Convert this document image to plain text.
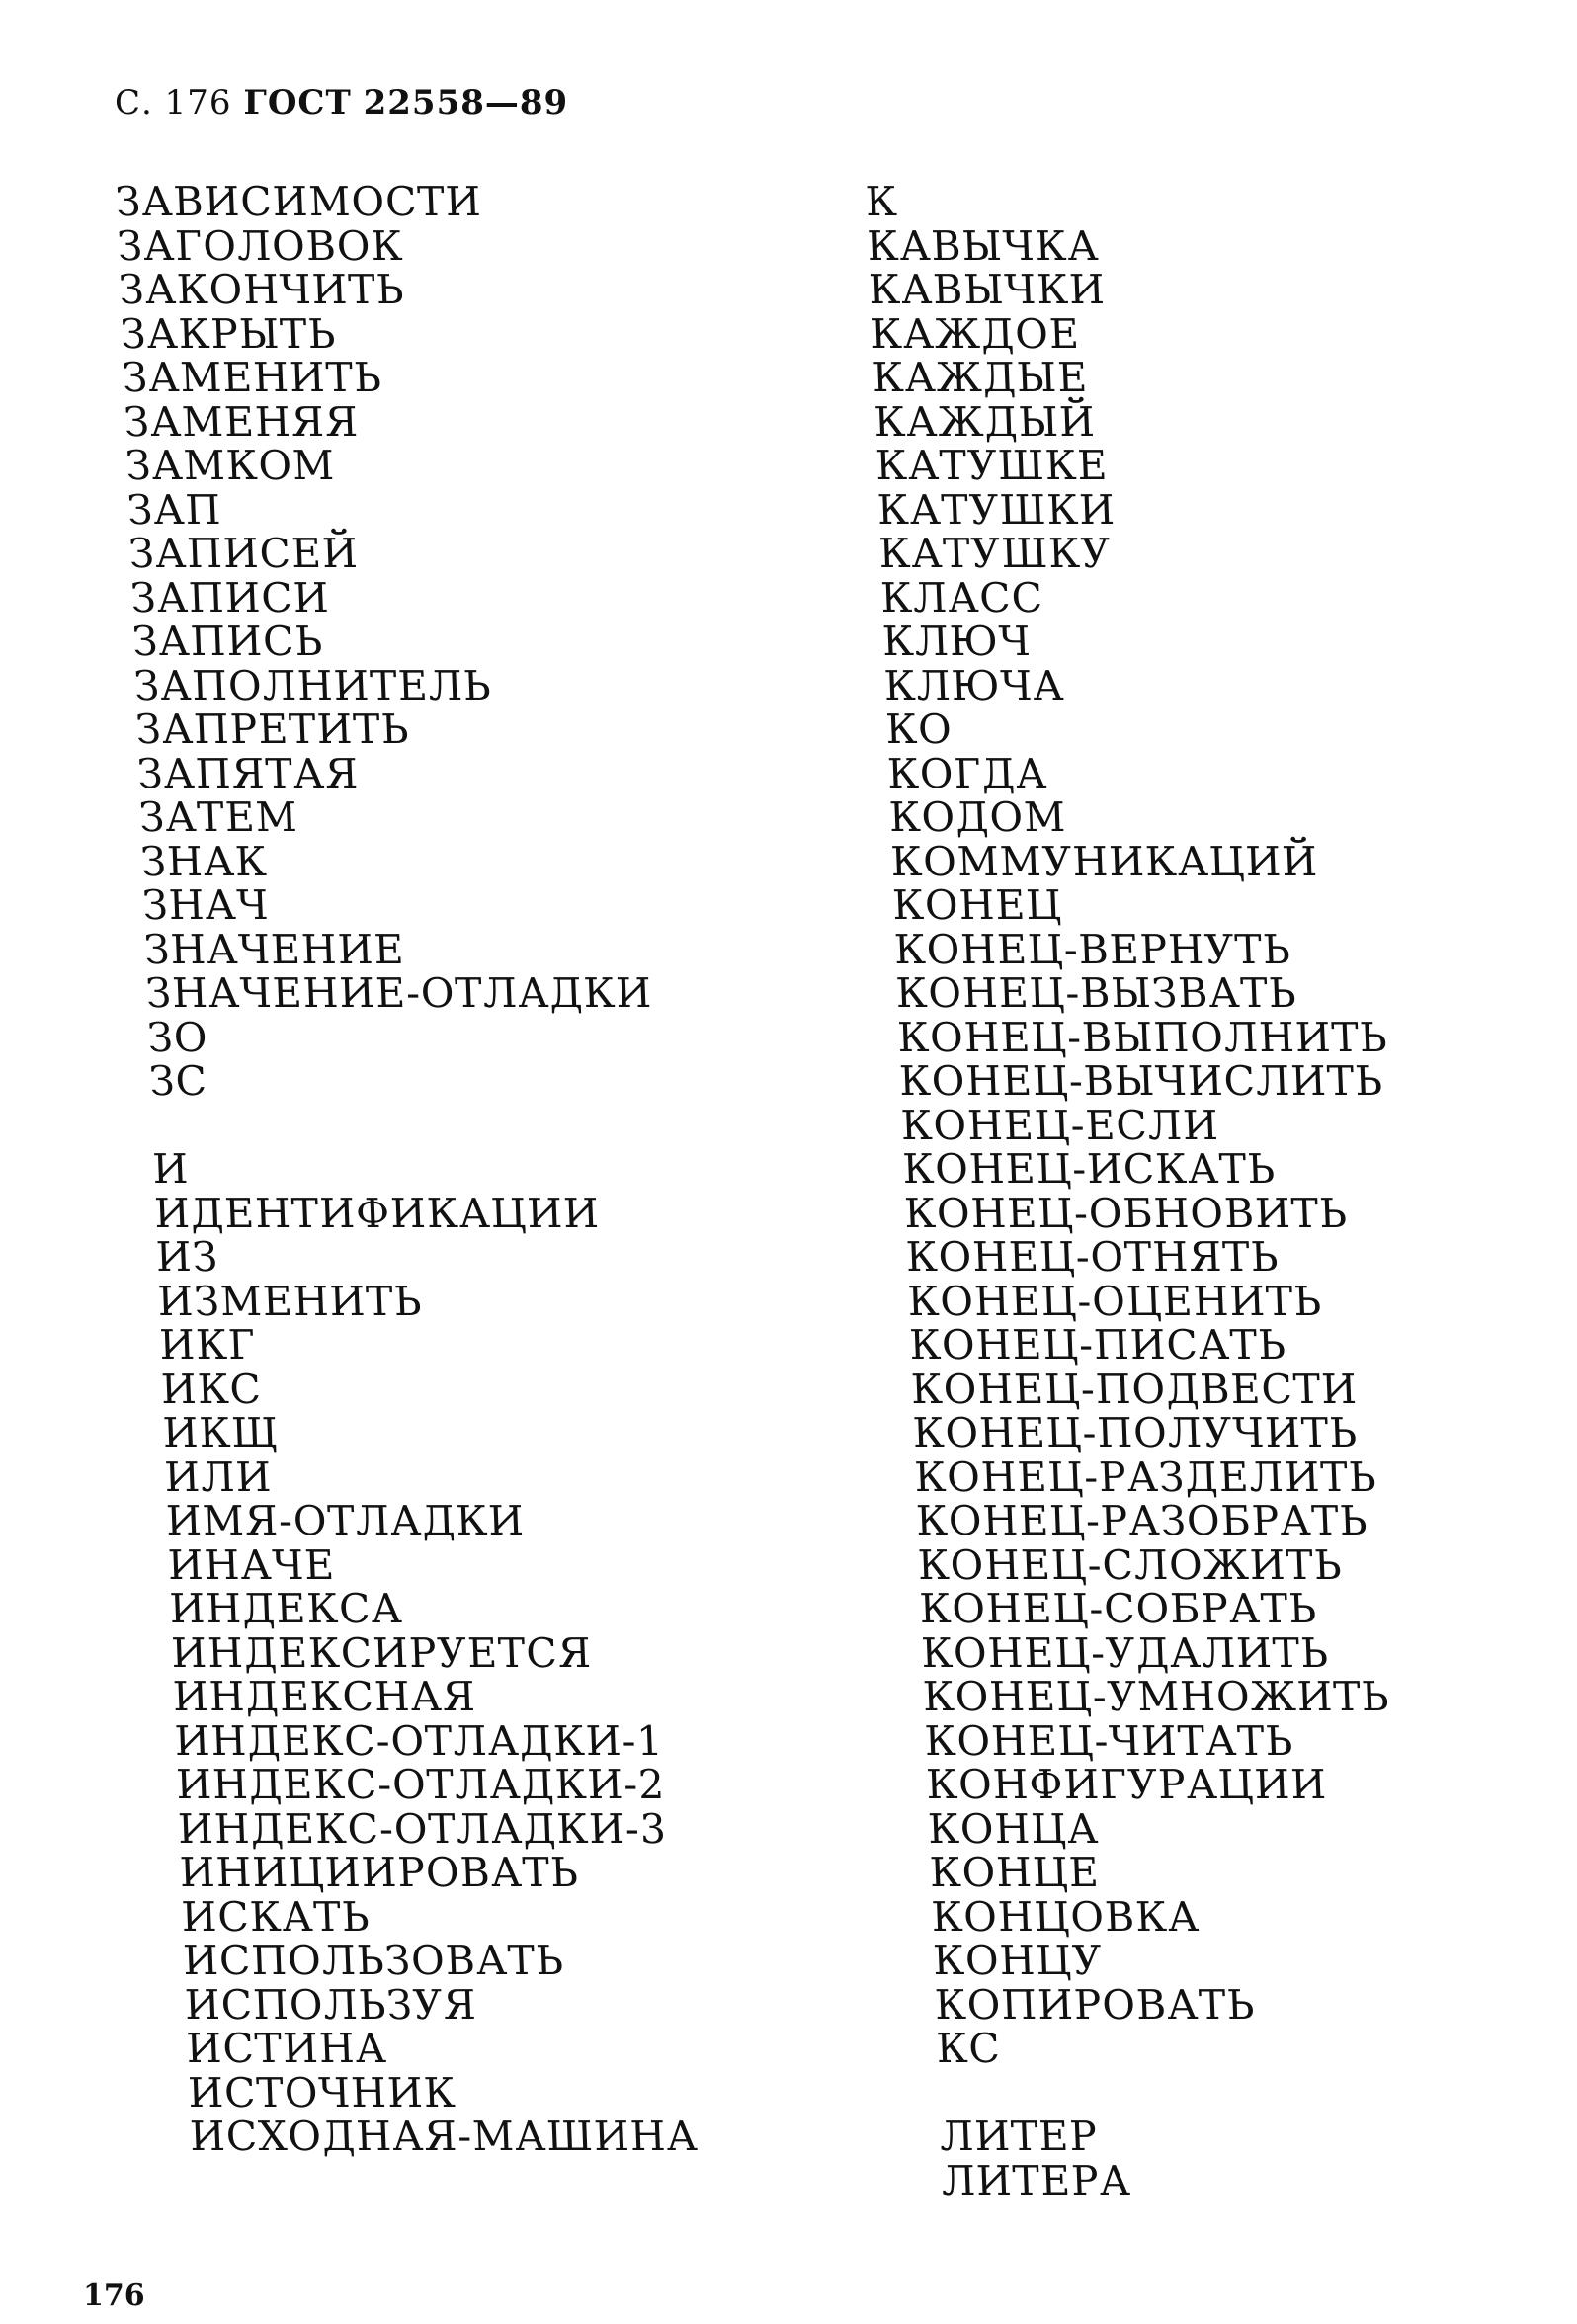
С. 176 ГОСТ 22558—89
ЗАВИСИМОСТИ
ЗАГОЛОВОК
ЗАКОНЧИТЬ
ЗАКРЫТЬ
ЗАМЕНИТЬ
ЗАМЕНЯЯ
ЗАМКОМ
ЗАП
ЗАПИСЕЙ
ЗАПИСИ
ЗАПИСЬ
ЗАПОЛНИТЕЛЬ
ЗАПРЕТИТЬ
ЗАПЯТАЯ
ЗАТЕМ
ЗНАК
ЗНАЧ
ЗНАЧЕНИЕ
ЗНАЧЕНИЕ-ОТЛАДКИ
ЗО
ЗС
И
ИДЕНТИФИКАЦИИ
ИЗ
ИЗМЕНИТЬ
ИКГ
ИКС
ИКЩ
ИЛИ
ИМЯ-ОТЛАДКИ
ИНАЧЕ
ИНДЕКСА
ИНДЕКСИРУЕТСЯ
ИНДЕКСНАЯ
ИНДЕКС-ОТЛАДКИ-1
ИНДЕКС-ОТЛАДКИ-2
ИНДЕКС-ОТЛАДКИ-3
ИНИЦИИРОВАТЬ
ИСКАТЬ
ИСПОЛЬЗОВАТЬ
ИСПОЛЬЗУЯ
ИСТИНА
ИСТОЧНИК
ИСХОДНАЯ-МАШИНА
К
КАВЫЧКА
КАВЫЧКИ
КАЖДОЕ
КАЖДЫЕ
КАЖДЫЙ
КАТУШКЕ
КАТУШКИ
КАТУШКУ
КЛАСС
КЛЮЧ
КЛЮЧА
КО
КОГДА
КОДОМ
КОММУНИКАЦИЙ
КОНЕЦ
КОНЕЦ-ВЕРНУТЬ
КОНЕЦ-ВЫЗВАТЬ
КОНЕЦ-ВЫПОЛНИТЬ
КОНЕЦ-ВЫЧИСЛИТЬ
КОНЕЦ-ЕСЛИ
КОНЕЦ-ИСКАТЬ
КОНЕЦ-ОБНОВИТЬ
КОНЕЦ-ОТНЯТЬ
КОНЕЦ-ОЦЕНИТЬ
КОНЕЦ-ПИСАТЬ
КОНЕЦ-ПОДВЕСТИ
КОНЕЦ-ПОЛУЧИТЬ
КОНЕЦ-РАЗДЕЛИТЬ
КОНЕЦ-РАЗОБРАТЬ
КОНЕЦ-СЛОЖИТЬ
КОНЕЦ-СОБРАТЬ
КОНЕЦ-УДАЛИТЬ
КОНЕЦ-УМНОЖИТЬ
КОНЕЦ-ЧИТАТЬ
КОНФИГУРАЦИИ
КОНЦА
КОНЦЕ
КОНЦОВКА
КОНЦУ
КОПИРОВАТЬ
КС
ЛИТЕР
ЛИТЕРА
176
